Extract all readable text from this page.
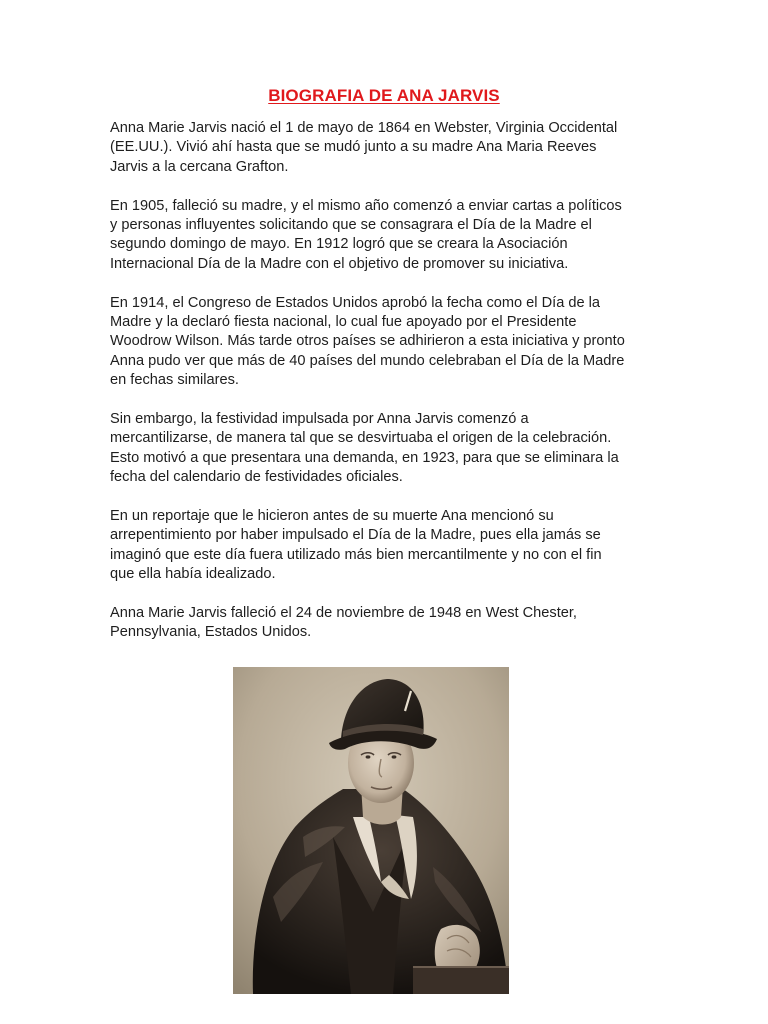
BIOGRAFIA DE ANA JARVIS

Anna Marie Jarvis nació el 1 de mayo de 1864 en Webster, Virginia Occidental
(EE.UU.). Vivió ahí hasta que se mudó junto a su madre Ana Maria Reeves
Jarvis a la cercana Grafton.

En 1905, falleció su madre, y el mismo año comenzó a enviar cartas a políticos
y personas influyentes solicitando que se consagrara el Día de la Madre el
segundo domingo de mayo. En 1912 logró que se creara la Asociación
Internacional Día de la Madre con el objetivo de promover su iniciativa.

En 1914, el Congreso de Estados Unidos aprobó la fecha como el Día de la
Madre y la declaró fiesta nacional, lo cual fue apoyado por el Presidente
Woodrow Wilson. Más tarde otros países se adhirieron a esta iniciativa y pronto
Anna pudo ver que más de 40 países del mundo celebraban el Día de la Madre
en fechas similares.

Sin embargo, la festividad impulsada por Anna Jarvis comenzó a
mercantilizarse, de manera tal que se desvirtuaba el origen de la celebración.
Esto motivó a que presentara una demanda, en 1923, para que se eliminara la
fecha del calendario de festividades oficiales.

En un reportaje que le hicieron antes de su muerte Ana mencionó su
arrepentimiento por haber impulsado el Día de la Madre, pues ella jamás se
imaginó que este día fuera utilizado más bien mercantilmente y no con el fin
que ella había idealizado.

Anna Marie Jarvis falleció el 24 de noviembre de 1948 en West Chester,
Pennsylvania, Estados Unidos.
